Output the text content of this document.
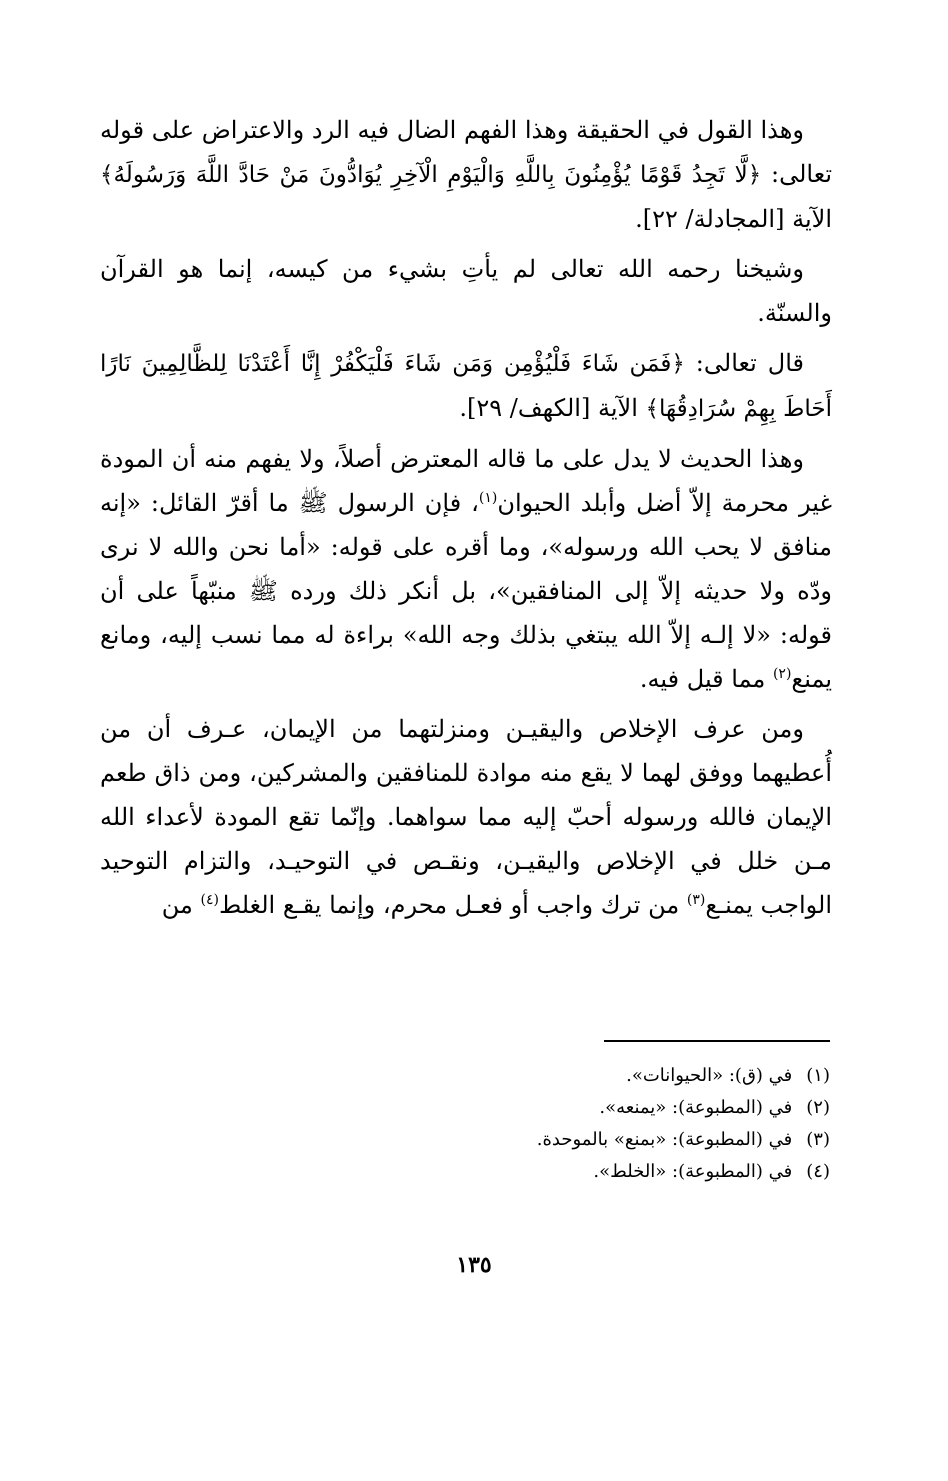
وهذا القول في الحقيقة وهذا الفهم الضال فيه الرد والاعتراض على قوله تعالى: ﴿لَّا تَجِدُ قَوْمًا يُؤْمِنُونَ بِاللَّهِ وَالْيَوْمِ الْآخِرِ يُوَادُّونَ مَنْ حَادَّ اللَّهَ وَرَسُولَهُ﴾ الآية [المجادلة/ ٢٢].

وشيخنا رحمه الله تعالى لم يأتِ بشيء من كيسه، إنما هو القرآن والسنّة.

قال تعالى: ﴿فَمَن شَاءَ فَلْيُؤْمِن وَمَن شَاءَ فَلْيَكْفُرْ إِنَّا أَعْتَدْنَا لِلظَّالِمِينَ نَارًا أَحَاطَ بِهِمْ سُرَادِقُهَا﴾ الآية [الكهف/ ٢٩].

وهذا الحديث لا يدل على ما قاله المعترض أصلاً، ولا يفهم منه أن المودة غير محرمة إلاّ أضل وأبلد الحيوان$^{(١)}$، فإن الرسول ﷺ ما أقرّ القائل: «إنه منافق لا يحب الله ورسوله»، وما أقره على قوله: «أما نحن والله لا نرى ودّه ولا حديثه إلاّ إلى المنافقين»، بل أنكر ذلك ورده ﷺ منبّهاً على أن قوله: «لا إلـه إلاّ الله يبتغي بذلك وجه الله» براءة له مما نسب إليه، ومانع يمنع$^{(٢)}$ مما قيل فيه.

ومن عرف الإخلاص واليقيـن ومنزلتهما من الإيمان، عـرف أن من أُعطيهما ووفق لهما لا يقع منه موادة للمنافقين والمشركين، ومن ذاق طعم الإيمان فالله ورسوله أحبّ إليه مما سواهما. وإنّما تقع المودة لأعداء الله مـن خلل في الإخلاص واليقيـن، ونقـص في التوحيـد، والتزام التوحيد الواجب يمنـع$^{(٣)}$ من ترك واجب أو فعـل محرم، وإنما يقـع الغلط$^{(٤)}$ من

(١)في (ق): «الحيوانات».

(٢)في (المطبوعة): «يمنعه».

(٣)في (المطبوعة): «بمنع» بالموحدة.

(٤)في (المطبوعة): «الخلط».

١٣٥
